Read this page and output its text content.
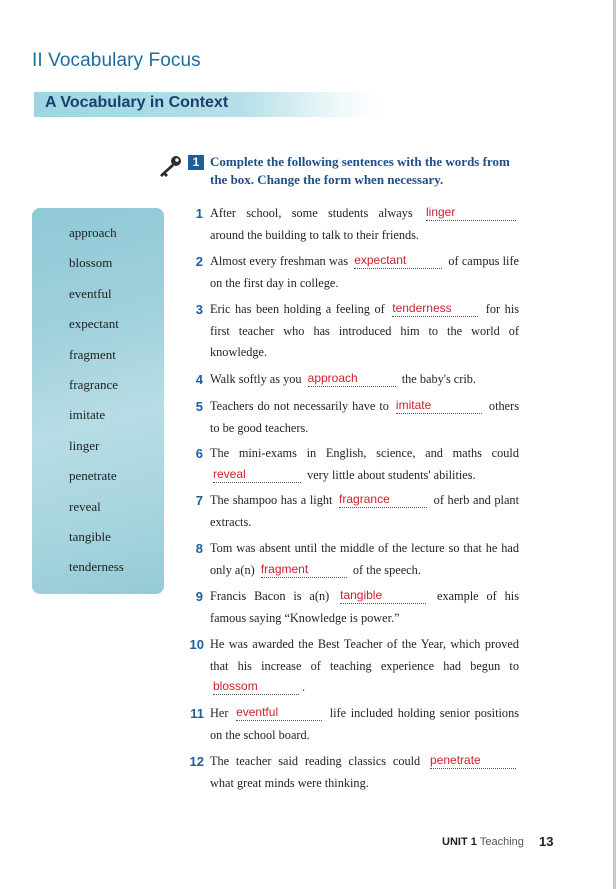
II Vocabulary Focus
A Vocabulary in Context
1 Complete the following sentences with the words from the box. Change the form when necessary.
approach
blossom
eventful
expectant
fragment
fragrance
imitate
linger
penetrate
reveal
tangible
tenderness
1 After school, some students always linger around the building to talk to their friends.
2 Almost every freshman was expectant	of campus life on the first day in college.
3 Eric has been holding a feeling of tenderness	for his first teacher who has introduced him to the world of knowledge.
4 Walk softly as you approach	the baby's crib.
5 Teachers do not necessarily have to imitate	others to be good teachers.
6 The mini-exams in English, science, and maths could reveal	very little about students' abilities.
7 The shampoo has a light fragrance	of herb and plant extracts.
8 Tom was absent until the middle of the lecture so that he had only a(n) fragment	of the speech.
9 Francis Bacon is a(n) tangible	example of his famous saying “Knowledge is power.”
10 He was awarded the Best Teacher of the Year, which proved that his increase of teaching experience had begun to blossom	.
11 Her eventful	life included holding senior positions on the school board.
12 The teacher said reading classics could penetrate what great minds were thinking.
UNIT 1 Teaching 13
